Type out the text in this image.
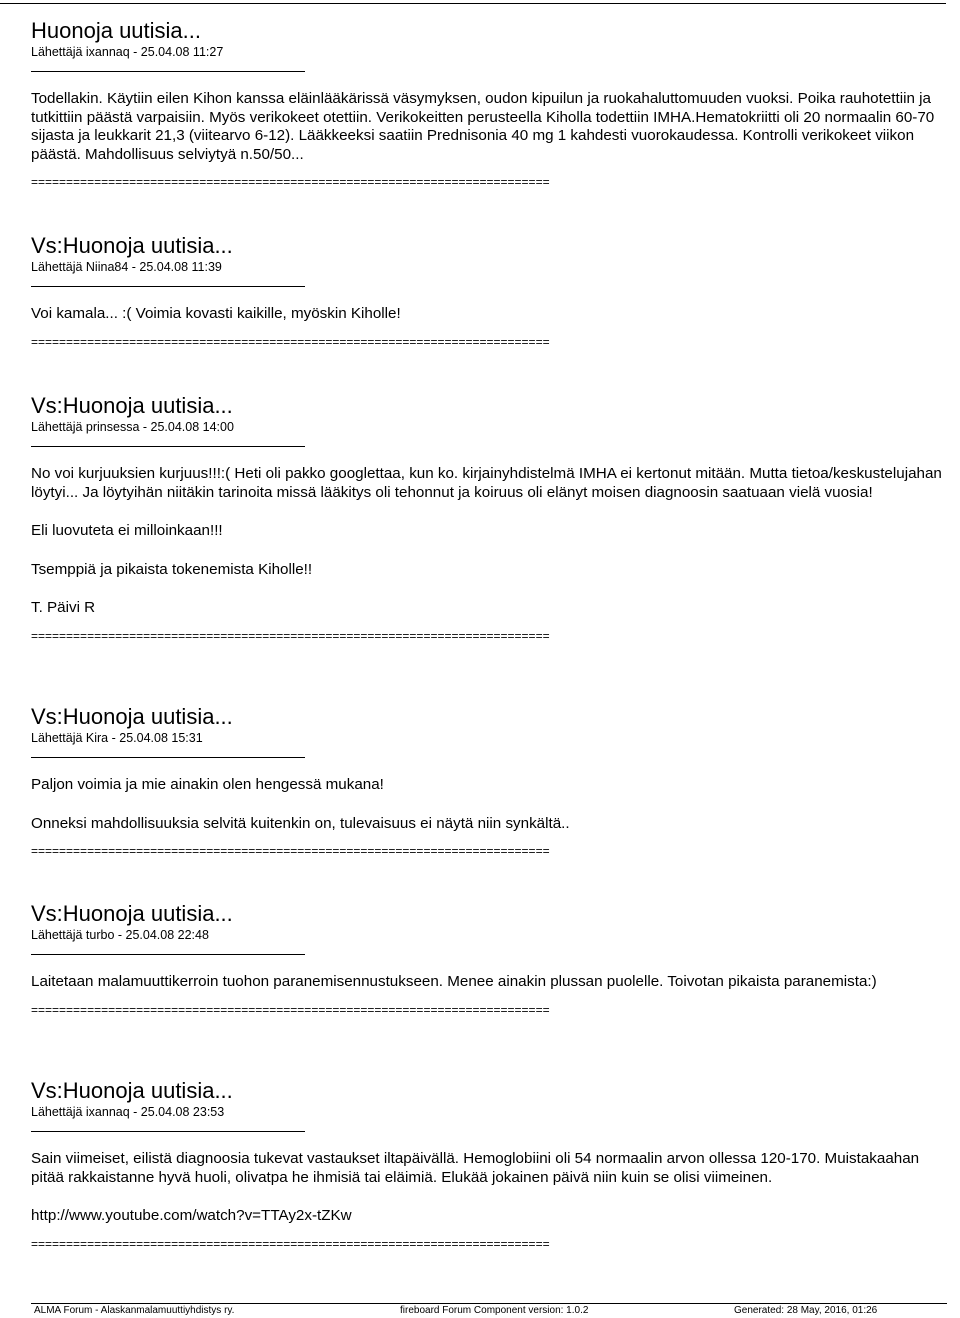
Huonoja uutisia...
Lähettäjä ixannaq - 25.04.08 11:27

Todellakin. Käytiin eilen Kihon kanssa eläinlääkärissä väsymyksen, oudon kipuilun ja ruokahaluttomuuden vuoksi. Poika rauhotettiin ja tutkittiin päästä varpaisiin. Myös verikokeet otettiin. Verikokeitten perusteella Kiholla todettiin IMHA.Hematokriitti oli 20 normaalin 60-70 sijasta ja leukkarit 21,3 (viitearvo 6-12). Lääkkeeksi saatiin Prednisonia 40 mg 1 kahdesti vuorokaudessa. Kontrolli verikokeet viikon päästä. Mahdollisuus selviytyä n.50/50...

==========================================================================
Vs:Huonoja uutisia...
Lähettäjä Niina84 - 25.04.08 11:39

Voi kamala... :( Voimia kovasti kaikille, myöskin Kiholle!

==========================================================================
Vs:Huonoja uutisia...
Lähettäjä prinsessa - 25.04.08 14:00

No voi kurjuuksien kurjuus!!!:( Heti oli pakko googlettaa, kun ko. kirjainyhdistelmä IMHA ei kertonut mitään. Mutta tietoa/keskustelujahan löytyi... Ja löytyihän niitäkin tarinoita missä lääkitys oli tehonnut ja koiruus oli elänyt moisen diagnoosin saatuaan vielä vuosia!

Eli luovuteta ei milloinkaan!!!

Tsemppiä ja pikaista tokenemista Kiholle!!

T. Päivi R

==========================================================================
Vs:Huonoja uutisia...
Lähettäjä Kira - 25.04.08 15:31

Paljon voimia ja mie ainakin olen hengessä mukana!

Onneksi mahdollisuuksia selvitä kuitenkin on, tulevaisuus ei näytä niin synkältä..

==========================================================================
Vs:Huonoja uutisia...
Lähettäjä turbo - 25.04.08 22:48

Laitetaan malamuuttikerroin tuohon paranemisennustukseen. Menee ainakin plussan puolelle. Toivotan pikaista paranemista:)

==========================================================================
Vs:Huonoja uutisia...
Lähettäjä ixannaq - 25.04.08 23:53

Sain viimeiset, eilistä diagnoosia tukevat vastaukset iltapäivällä. Hemoglobiini oli 54 normaalin arvon ollessa 120-170. Muistakaahan pitää rakkaistanne hyvä huoli, olivatpa he ihmisiä tai eläimiä. Elukää jokainen päivä niin kuin se olisi viimeinen.

http://www.youtube.com/watch?v=TTAy2x-tZKw

==========================================================================
ALMA Forum - Alaskanmalamuuttiyhdistys ry.	fireboard Forum Component version: 1.0.2	Generated: 28 May, 2016, 01:26
